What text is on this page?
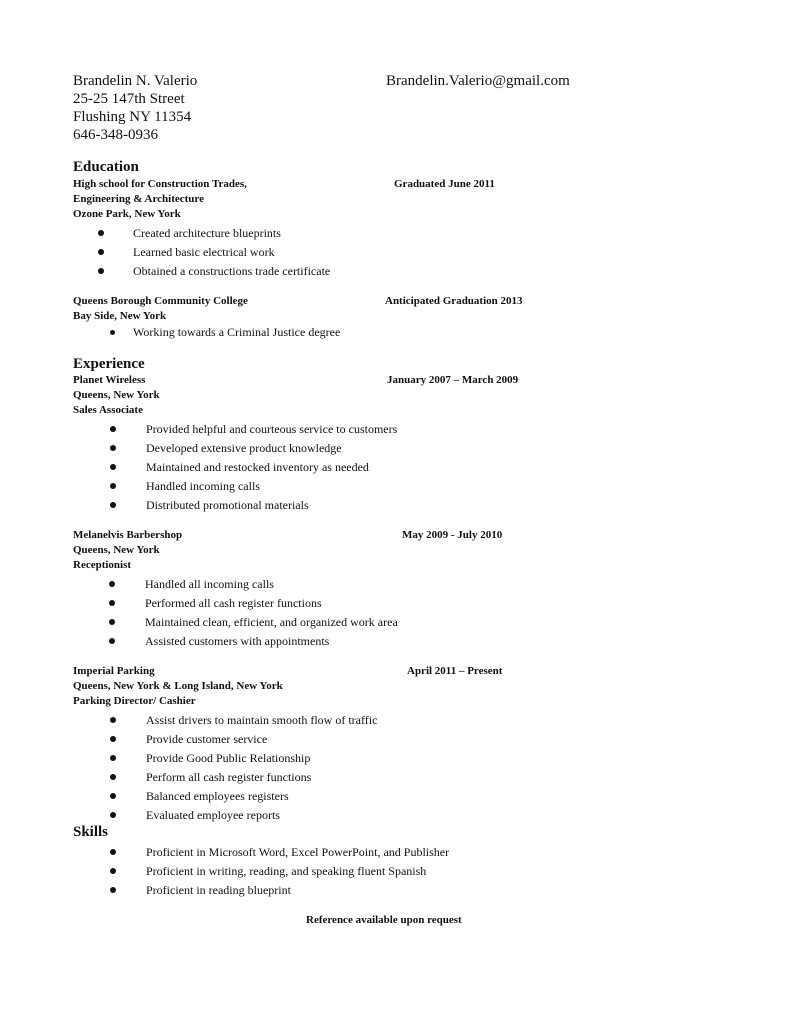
Brandelin N. Valerio	Brandelin.Valerio@gmail.com
25-25 147th Street
Flushing NY 11354
646-348-0936
Education
High school for Construction Trades,	Graduated June 2011
Engineering & Architecture
Ozone Park, New York
Created architecture blueprints
Learned basic electrical work
Obtained a constructions trade certificate
Queens Borough Community College	Anticipated Graduation 2013
Bay Side, New York
Working towards a Criminal Justice degree
Experience
Planet Wireless	January 2007 – March 2009
Queens, New York
Sales Associate
Provided helpful and courteous service to customers
Developed extensive product knowledge
Maintained and restocked inventory as needed
Handled incoming calls
Distributed promotional materials
Melanelvis Barbershop	May 2009 - July 2010
Queens, New York
Receptionist
Handled all incoming calls
Performed all cash register functions
Maintained clean, efficient, and organized work area
Assisted customers with appointments
Imperial Parking	April 2011 – Present
Queens, New York & Long Island, New York
Parking Director/ Cashier
Assist drivers to maintain smooth flow of traffic
Provide customer service
Provide Good Public Relationship
Perform all cash register functions
Balanced employees registers
Evaluated employee reports
Skills
Proficient in Microsoft Word, Excel PowerPoint, and Publisher
Proficient in writing, reading, and speaking fluent Spanish
Proficient in reading blueprint
Reference available upon request
